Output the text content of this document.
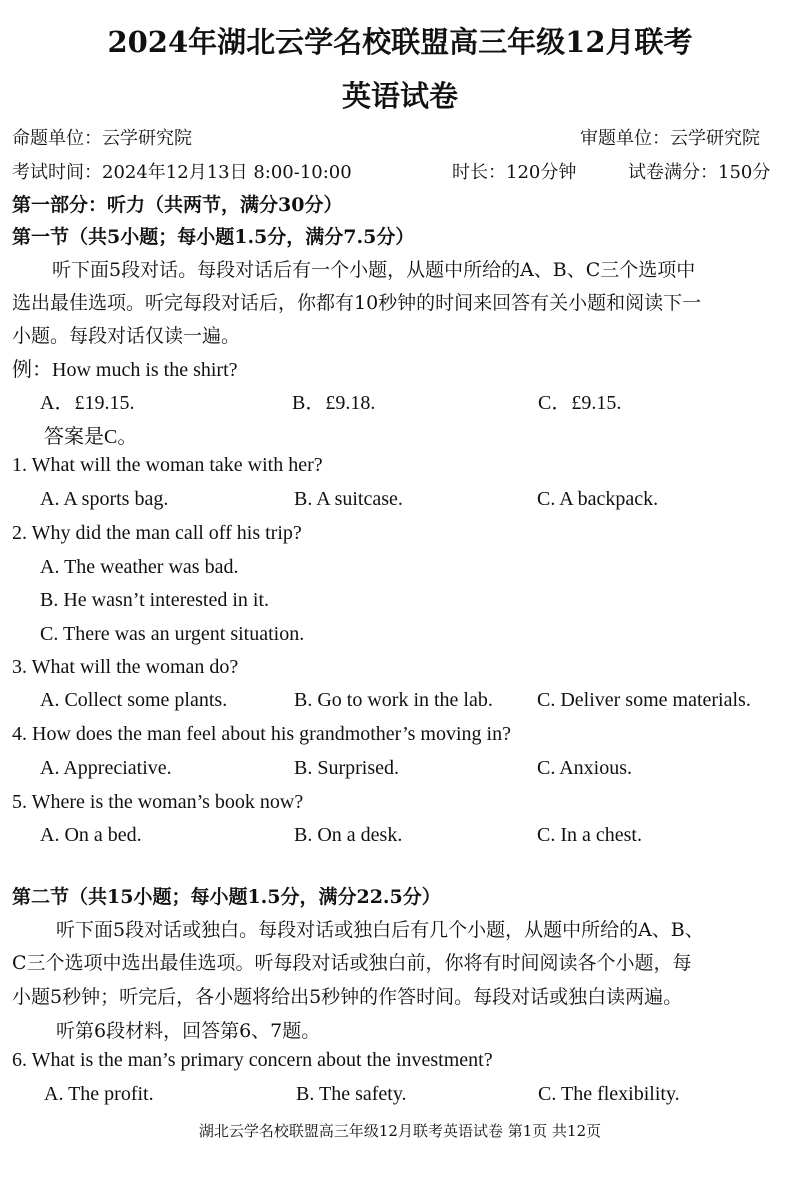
2024年湖北云学名校联盟高三年级12月联考
英语试卷
命题单位：云学研究院	审题单位：云学研究院
考试时间：2024年12月13日 8:00-10:00	时长：120分钟	试卷满分：150分
第一部分：听力（共两节，满分30分）
第一节（共5小题；每小题1.5分，满分7.5分）
听下面5段对话。每段对话后有一个小题，从题中所给的A、B、C三个选项中
选出最佳选项。听完每段对话后，你都有10秒钟的时间来回答有关小题和阅读下一
小题。每段对话仅读一遍。
例：How much is the shirt?
A．£19.15.	B．£9.18.	C．£9.15.
答案是C。
1. What will the woman take with her?
A. A sports bag.	B. A suitcase.	C. A backpack.
2. Why did the man call off his trip?
A. The weather was bad.
B. He wasn’t interested in it.
C. There was an urgent situation.
3. What will the woman do?
A. Collect some plants.	B. Go to work in the lab. C. Deliver some materials.
4. How does the man feel about his grandmother’s moving in?
A. Appreciative.	B. Surprised.	C. Anxious.
5. Where is the woman’s book now?
A. On a bed.	B. On a desk.	C. In a chest.
第二节（共15小题；每小题1.5分，满分22.5分）
听下面5段对话或独白。每段对话或独白后有几个小题，从题中所给的A、B、
C三个选项中选出最佳选项。听每段对话或独白前，你将有时间阅读各个小题，每
小题5秒钟；听完后，各小题将给出5秒钟的作答时间。每段对话或独白读两遍。
听第6段材料，回答第6、7题。
6. What is the man’s primary concern about the investment?
A. The profit.	B. The safety.	C. The flexibility.
湖北云学名校联盟高三年级12月联考英语试卷 第1页 共12页
